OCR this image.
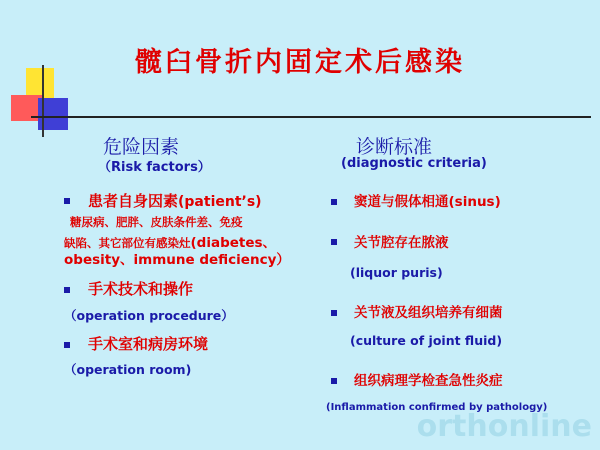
髋臼骨折内固定术后感染
危险因素
（Risk factors）
患者自身因素(patient’s)
糖尿病、肥胖、皮肤条件差、免疫
缺陷、其它部位有感染灶(diabetes、
obesity、immune deficiency）
手术技术和操作
（operation procedure）
手术室和病房环境
（operation room)
诊断标准
(diagnostic criteria)
窦道与假体相通(sinus)
关节腔存在脓液
(liquor puris)
关节液及组织培养有细菌
(culture of joint fluid)
组织病理学检查急性炎症
(Inflammation confirmed by pathology)
orthonline
